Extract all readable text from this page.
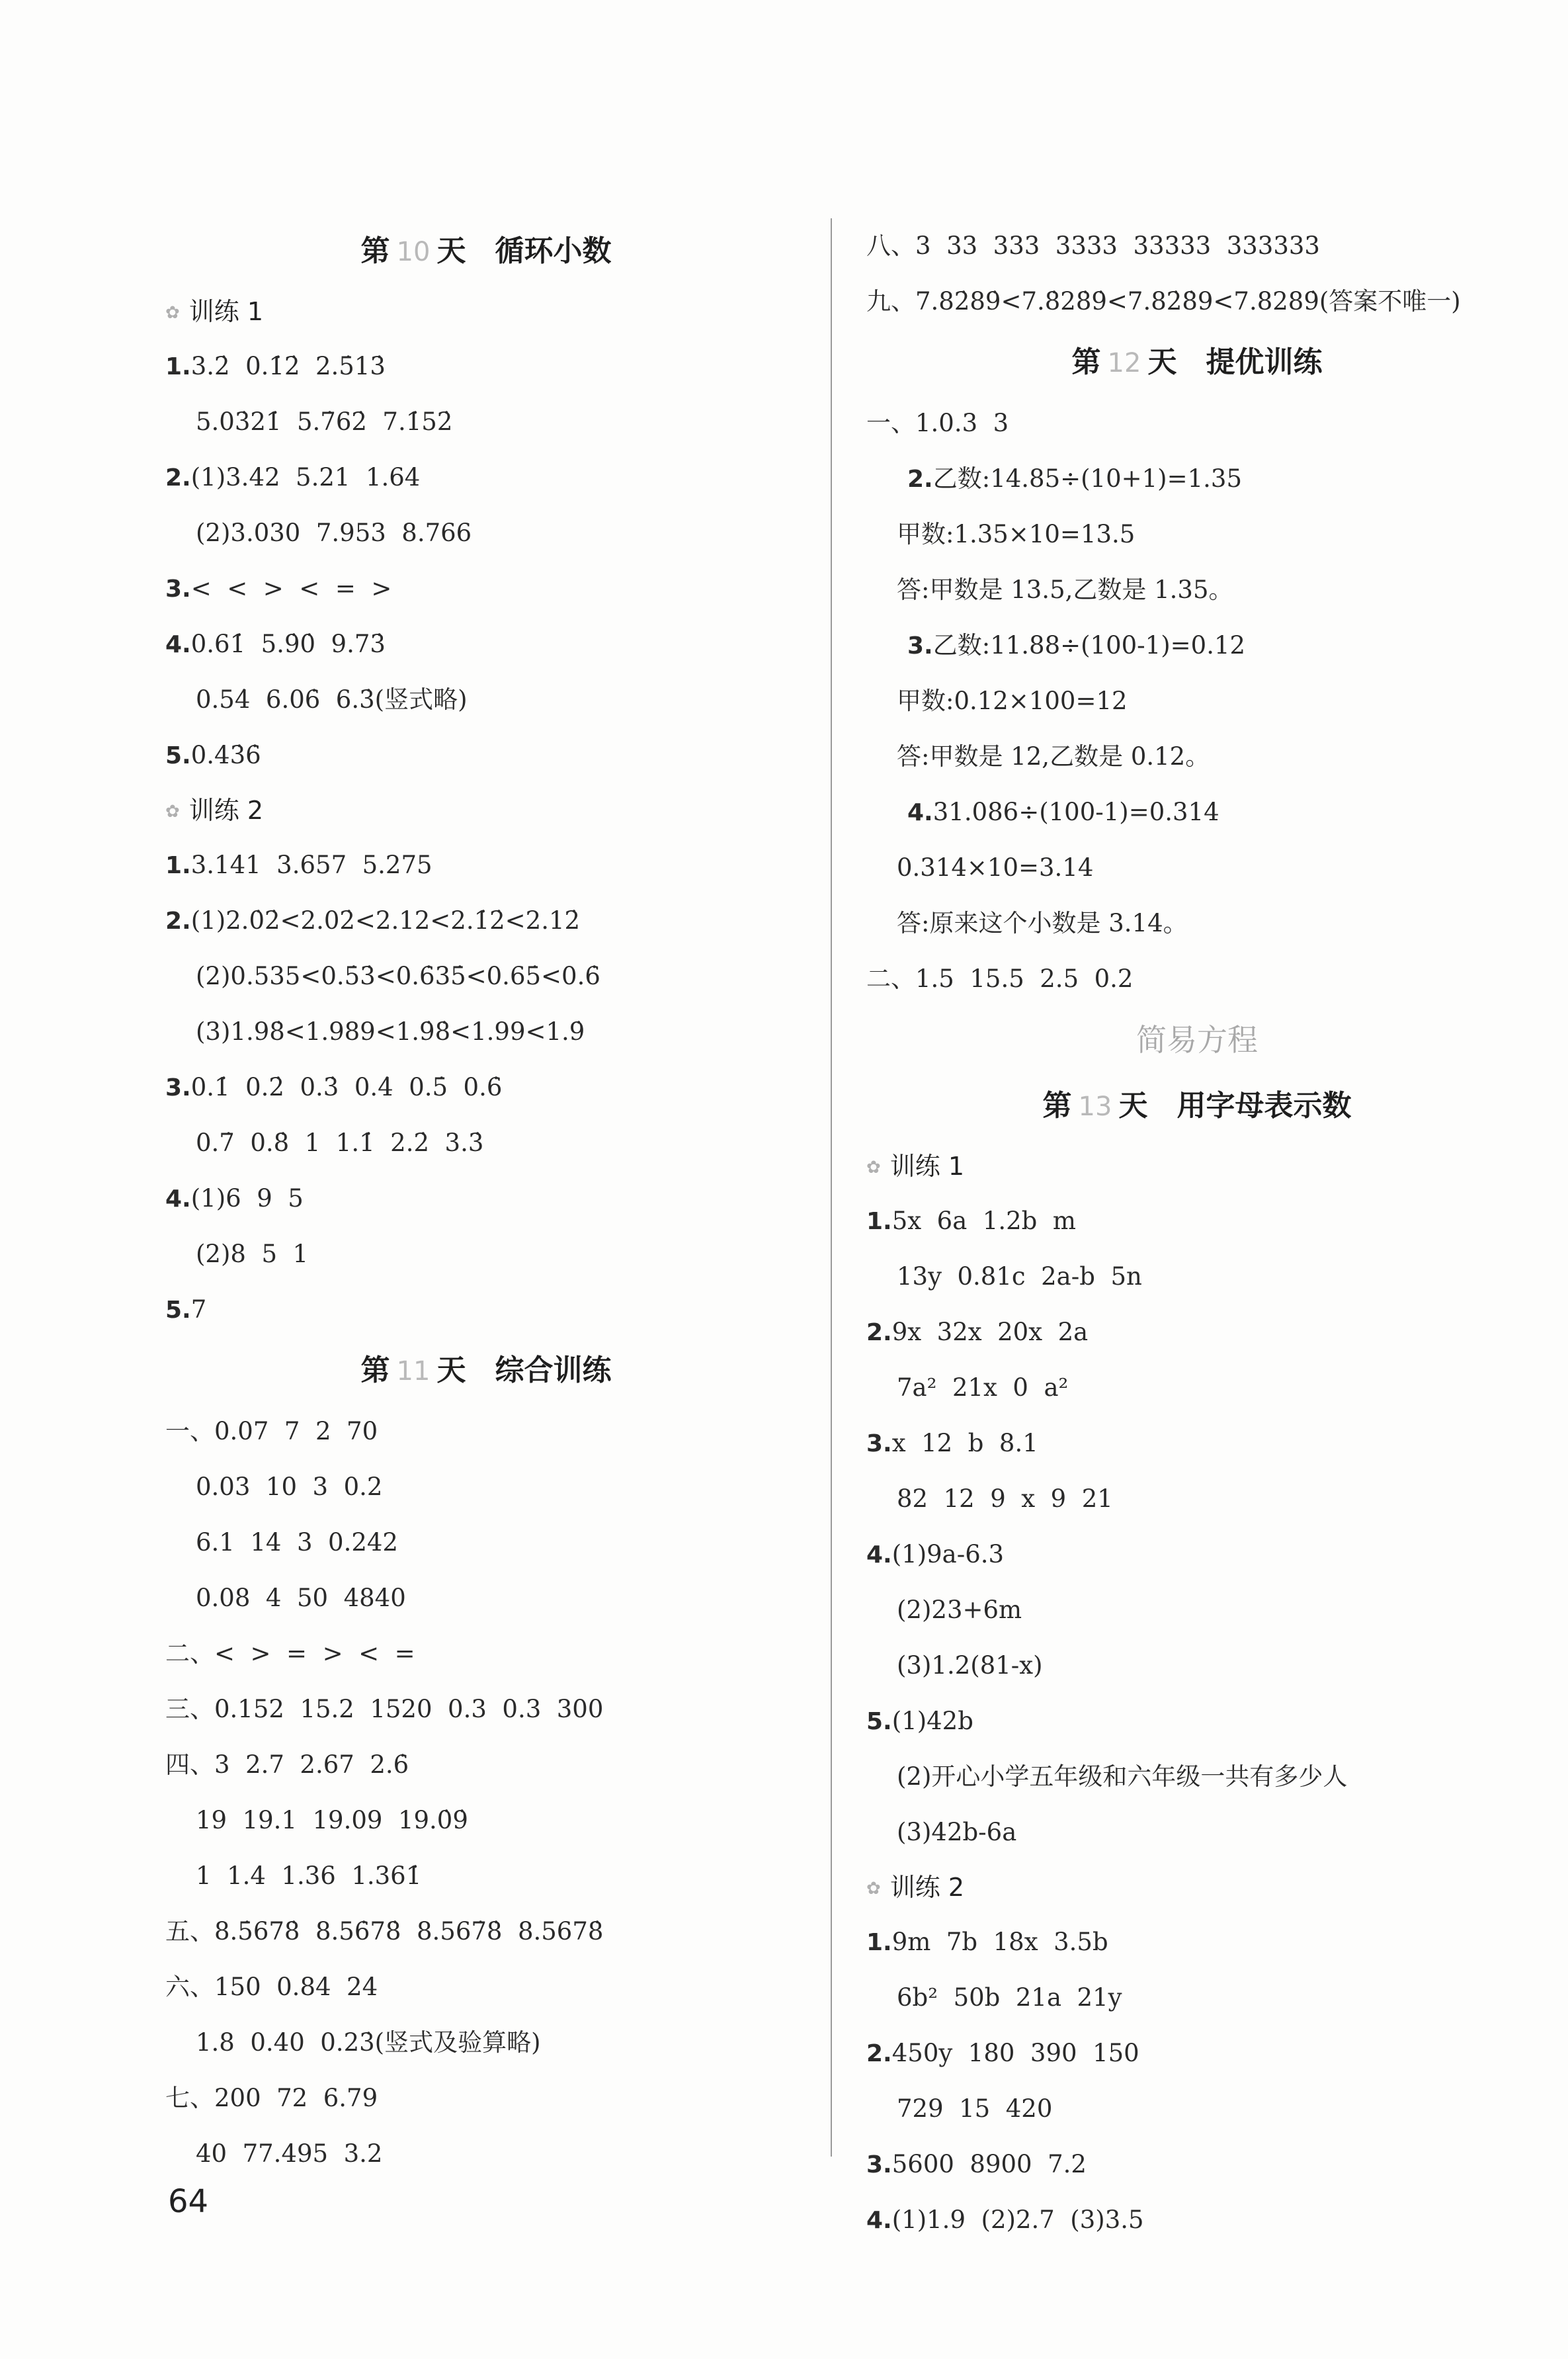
第 10 天 循环小数
✿ 训练 1
1.3.2̇  0.1̇2̇  2.5̇13̇
5.03̇21̇  5.7̇62̇  7.1̇52̇
2.(1)3.42  5.21  1.64
(2)3.030  7.953  8.766
3.<  <  >  <  =  >
4.0.61̇  5.9̇0̇  9.73̇
0.54̇  6.06̇  6.3̇(竖式略)
5.0.43̇6̇
✿ 训练 2
1.3.141  3.657  5.275
2.(1)2.0̇2̇<2.02̇<2.12<2.1̇2̇<2.12̇
(2)0.535<0.5̇3̇<0.6̇35̇<0.65̇<0.6̇
(3)1.98̇<1.989<1.9̇8̇<1.99<1.9̇
3.0.1̇  0.2̇  0.3̇  0.4̇  0.5̇  0.6̇
0.7̇  0.8̇  1  1.1̇  2.2̇  3.3̇
4.(1)6  9  5
(2)8  5  1
5.7
第 11 天 综合训练
一、0.07  7  2  70
0.03  10  3  0.2
6.1  14  3  0.242
0.08  4  50  4840
二、<  >  =  >  <  =
三、0.152  15.2  1520  0.3  0.3  300
四、3  2.7  2.67  2.6̇
19  19.1  19.09  19.0̇9̇
1  1.4  1.36  1.361̇
五、8.5̇678̇  8.56̇78̇  8.567̇8̇  8.5678̇
六、150  0.84  24
1.8  0.40  0.23̇(竖式及验算略)
七、200  72  6.79
40  77.495  3.2
八、3  33  333  3333  33333  333333
九、7.82̇89̇<7.8̇28̇9̇<7.82̇8̇9<7.8289̇(答案不唯一)
第 12 天 提优训练
一、1.0.3  3
2.乙数:14.85÷(10+1)=1.35
甲数:1.35×10=13.5
答:甲数是 13.5,乙数是 1.35。
3.乙数:11.88÷(100-1)=0.12
甲数:0.12×100=12
答:甲数是 12,乙数是 0.12。
4.31.086÷(100-1)=0.314
0.314×10=3.14
答:原来这个小数是 3.14。
二、1.5  15.5  2.5  0.2
简易方程
第 13 天 用字母表示数
✿ 训练 1
1.5x  6a  1.2b  m
13y  0.81c  2a-b  5n
2.9x  32x  20x  2a
7a²  21x  0  a²
3.x  12  b  8.1
82  12  9  x  9  21
4.(1)9a-6.3
(2)23+6m
(3)1.2(81-x)
5.(1)42b
(2)开心小学五年级和六年级一共有多少人
(3)42b-6a
✿ 训练 2
1.9m  7b  18x  3.5b
6b²  50b  21a  21y
2.450y  180  390  150
729  15  420
3.5600  8900  7.2
4.(1)1.9  (2)2.7  (3)3.5
64
